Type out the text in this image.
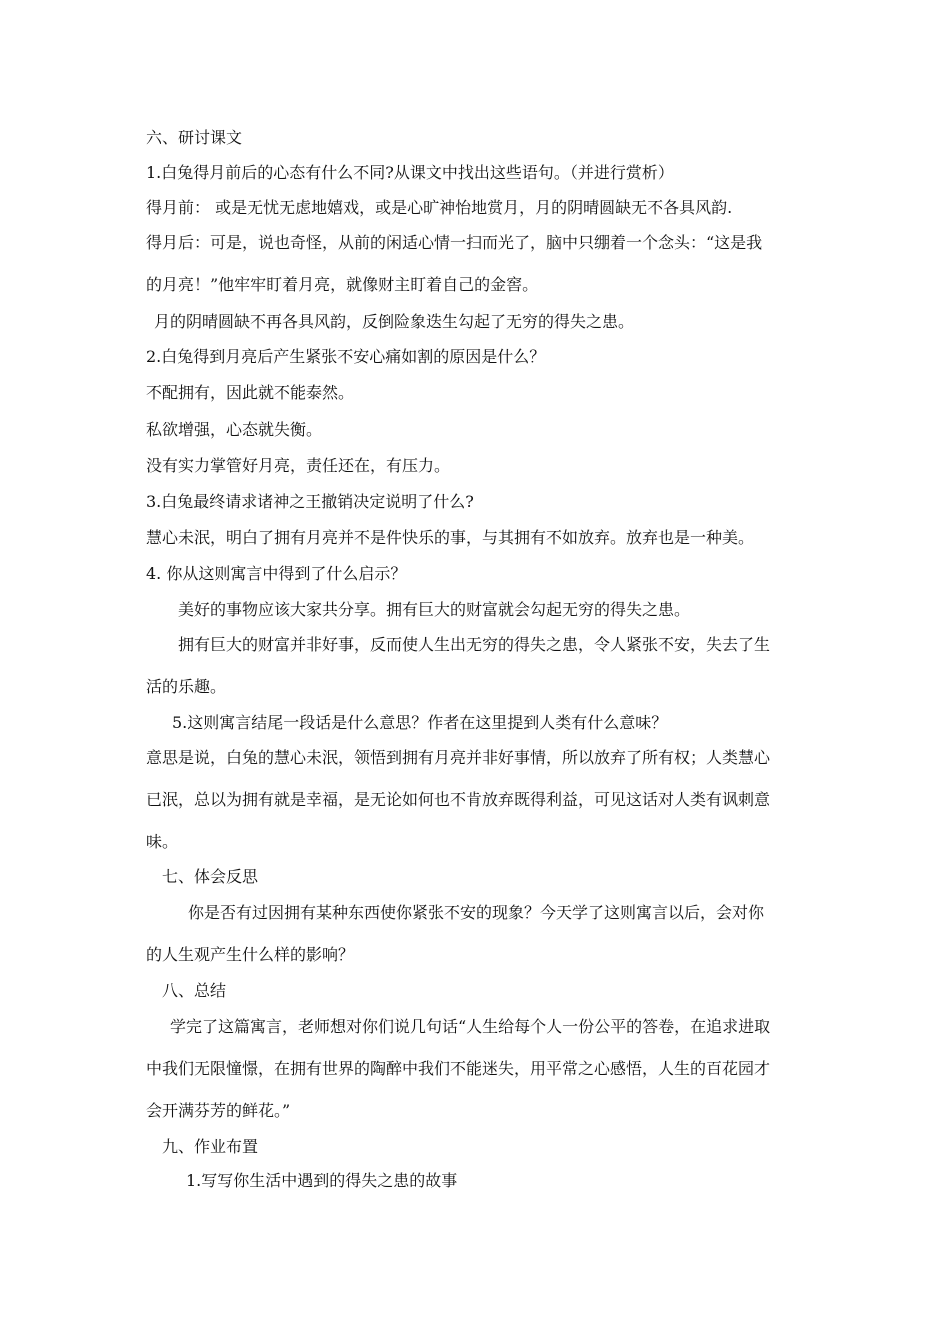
六、研讨课文
1.白兔得月前后的心态有什么不同?从课文中找出这些语句。（并进行赏析）
得月前： 或是无忧无虑地嬉戏，或是心旷神怡地赏月，月的阴晴圆缺无不各具风韵.
得月后：可是，说也奇怪，从前的闲适心情一扫而光了，脑中只绷着一个念头：“这是我
的月亮！”他牢牢盯着月亮，就像财主盯着自己的金窖。
月的阴晴圆缺不再各具风韵，反倒险象迭生勾起了无穷的得失之患。
2.白兔得到月亮后产生紧张不安心痛如割的原因是什么？
不配拥有，因此就不能泰然。
私欲增强，心态就失衡。
没有实力掌管好月亮，责任还在，有压力。
3.白兔最终请求诸神之王撤销决定说明了什么?
慧心未泯，明白了拥有月亮并不是件快乐的事，与其拥有不如放弃。放弃也是一种美。
4. 你从这则寓言中得到了什么启示？
美好的事物应该大家共分享。拥有巨大的财富就会勾起无穷的得失之患。
拥有巨大的财富并非好事，反而使人生出无穷的得失之患，令人紧张不安，失去了生
活的乐趣。
5.这则寓言结尾一段话是什么意思？作者在这里提到人类有什么意味？
意思是说，白兔的慧心未泯，领悟到拥有月亮并非好事情，所以放弃了所有权；人类慧心
已泯，总以为拥有就是幸福，是无论如何也不肯放弃既得利益，可见这话对人类有讽刺意
味。
七、体会反思
你是否有过因拥有某种东西使你紧张不安的现象？今天学了这则寓言以后，会对你
的人生观产生什么样的影响？
八、总结
学完了这篇寓言，老师想对你们说几句话“人生给每个人一份公平的答卷，在追求进取
中我们无限憧憬，在拥有世界的陶醉中我们不能迷失，用平常之心感悟，人生的百花园才
会开满芬芳的鲜花。”
九、作业布置
1.写写你生活中遇到的得失之患的故事
